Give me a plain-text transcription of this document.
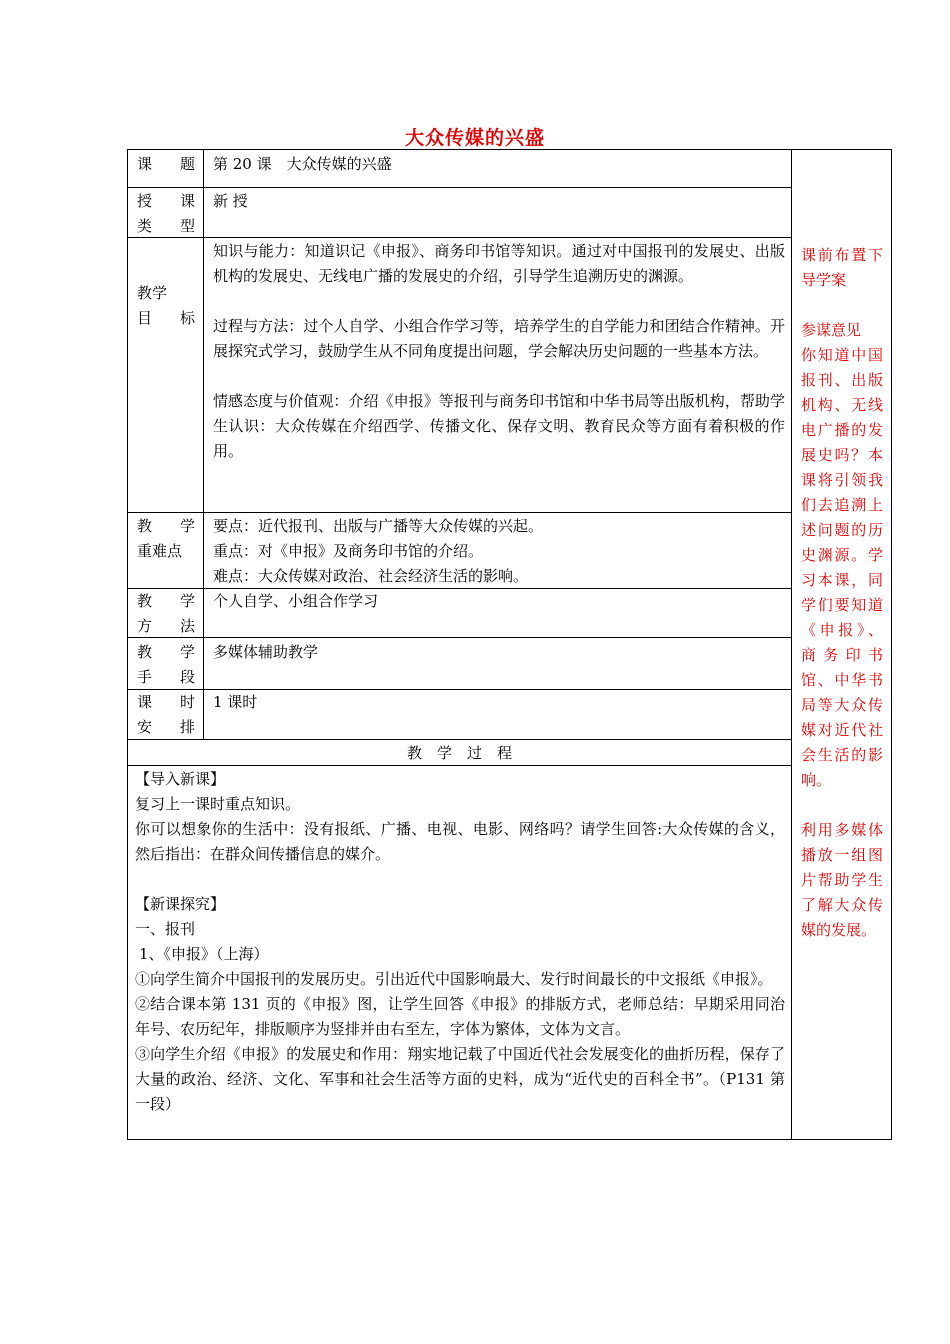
大众传媒的兴盛
课 题 第 20 课　大众传媒的兴盛
授 课
类 型
新 授
教学
目 标
知识与能力：知道识记《申报》、商务印书馆等知识。通过对中国报刊的发展史、出版机构的发展史、无线电广播的发展史的介绍，引导学生追溯历史的渊源。
过程与方法：过个人自学、小组合作学习等，培养学生的自学能力和团结合作精神。开展探究式学习，鼓励学生从不同角度提出问题，学会解决历史问题的一些基本方法。
情感态度与价值观：介绍《申报》等报刊与商务印书馆和中华书局等出版机构，帮助学生认识：大众传媒在介绍西学、传播文化、保存文明、教育民众等方面有着积极的作用。
教 学
重难点
要点：近代报刊、出版与广播等大众传媒的兴起。
重点：对《申报》及商务印书馆的介绍。
难点：大众传媒对政治、社会经济生活的影响。
教 学
方 法
个人自学、小组合作学习
教 学
手 段
多媒体辅助教学
课 时
安 排
1 课时
教　学　过　程
【导入新课】
复习上一课时重点知识。
你可以想象你的生活中：没有报纸、广播、电视、电影、网络吗？请学生回答:大众传媒的含义，然后指出：在群众间传播信息的媒介。
【新课探究】
一、报刊
1、《申报》（上海）
①向学生简介中国报刊的发展历史。引出近代中国影响最大、发行时间最长的中文报纸《申报》。
②结合课本第 131 页的《申报》图，让学生回答《申报》的排版方式，老师总结：早期采用同治年号、农历纪年，排版顺序为竖排并由右至左，字体为繁体，文体为文言。
③向学生介绍《申报》的发展史和作用：翔实地记载了中国近代社会发展变化的曲折历程，保存了大量的政治、经济、文化、军事和社会生活等方面的史料，成为“近代史的百科全书”。（P131 第一段）

课前布置下导学案

参谋意见

你知道中国报刊、出版机构、无线电广播的发展史吗？本课将引领我们去追溯上述问题的历史渊源。学习本课，同学们要知道《申报》、商务印书馆、中华书局等大众传媒对近代社会生活的影响。

利用多媒体播放一组图片帮助学生了解大众传媒的发展。
